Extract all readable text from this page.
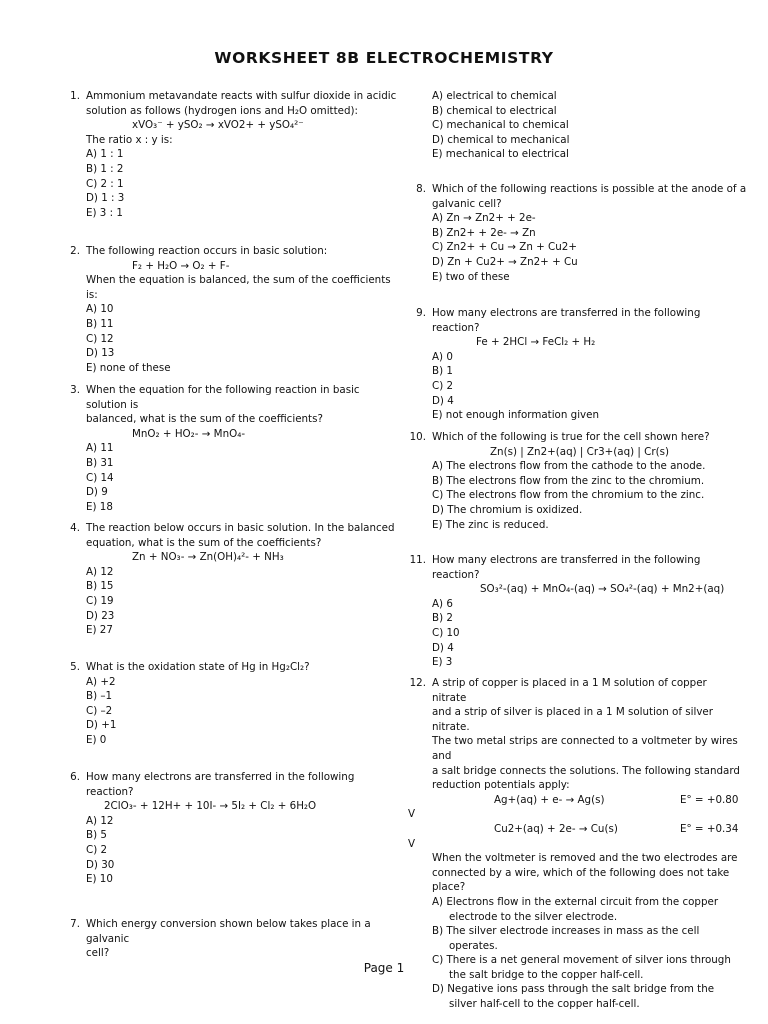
WORKSHEET 8B ELECTROCHEMISTRY
1. Ammonium metavandate reacts with sulfur dioxide in acidic
solution as follows (hydrogen ions and H₂O omitted):
xVO₃⁻ + ySO₂ → xVO2+ + ySO₄²⁻
The ratio x : y is:
A) 1 : 1
B) 1 : 2
C) 2 : 1
D) 1 : 3
E) 3 : 1
2. The following reaction occurs in basic solution:
F₂ + H₂O → O₂ + F-
When the equation is balanced, the sum of the coefficients is:
A) 10
B) 11
C) 12
D) 13
E) none of these
3. When the equation for the following reaction in basic solution is
balanced, what is the sum of the coefficients?
MnO₂ + HO₂- → MnO₄-
A) 11
B) 31
C) 14
D) 9
E) 18
4. The reaction below occurs in basic solution. In the balanced
equation, what is the sum of the coefficients?
Zn + NO₃- → Zn(OH)₄²- + NH₃
A) 12
B) 15
C) 19
D) 23
E) 27
5. What is the oxidation state of Hg in Hg₂Cl₂?
A) +2
B) –1
C) –2
D) +1
E) 0
6. How many electrons are transferred in the following reaction?
2ClO₃- + 12H+ + 10I- → 5I₂ + Cl₂ + 6H₂O
A) 12
B) 5
C) 2
D) 30
E) 10
7. Which energy conversion shown below takes place in a galvanic
cell?
A) electrical to chemical
B) chemical to electrical
C) mechanical to chemical
D) chemical to mechanical
E) mechanical to electrical
8. Which of the following reactions is possible at the anode of a
galvanic cell?
A) Zn → Zn2+ + 2e-
B) Zn2+ + 2e- → Zn
C) Zn2+ + Cu → Zn + Cu2+
D) Zn + Cu2+ → Zn2+ + Cu
E) two of these
9. How many electrons are transferred in the following reaction?
Fe + 2HCl → FeCl₂ + H₂
A) 0
B) 1
C) 2
D) 4
E) not enough information given
10. Which of the following is true for the cell shown here?
Zn(s) | Zn2+(aq) | Cr3+(aq) | Cr(s)
A) The electrons flow from the cathode to the anode.
B) The electrons flow from the zinc to the chromium.
C) The electrons flow from the chromium to the zinc.
D) The chromium is oxidized.
E) The zinc is reduced.
11. How many electrons are transferred in the following reaction?
SO₃²-(aq) + MnO₄-(aq) → SO₄²-(aq) + Mn2+(aq)
A) 6
B) 2
C) 10
D) 4
E) 3
12. A strip of copper is placed in a 1 M solution of copper nitrate
and a strip of silver is placed in a 1 M solution of silver nitrate.
The two metal strips are connected to a voltmeter by wires and
a salt bridge connects the solutions. The following standard
reduction potentials apply:
Ag+(aq) + e- → Ag(s)	E° = +0.80
V
Cu2+(aq) + 2e- → Cu(s)	E° = +0.34
V
When the voltmeter is removed and the two electrodes are
connected by a wire, which of the following does not take place?
A) Electrons flow in the external circuit from the copper electrode to the silver electrode.
B) The silver electrode increases in mass as the cell operates.
C) There is a net general movement of silver ions through the salt bridge to the copper half-cell.
D) Negative ions pass through the salt bridge from the silver half-cell to the copper half-cell.
Page 1
